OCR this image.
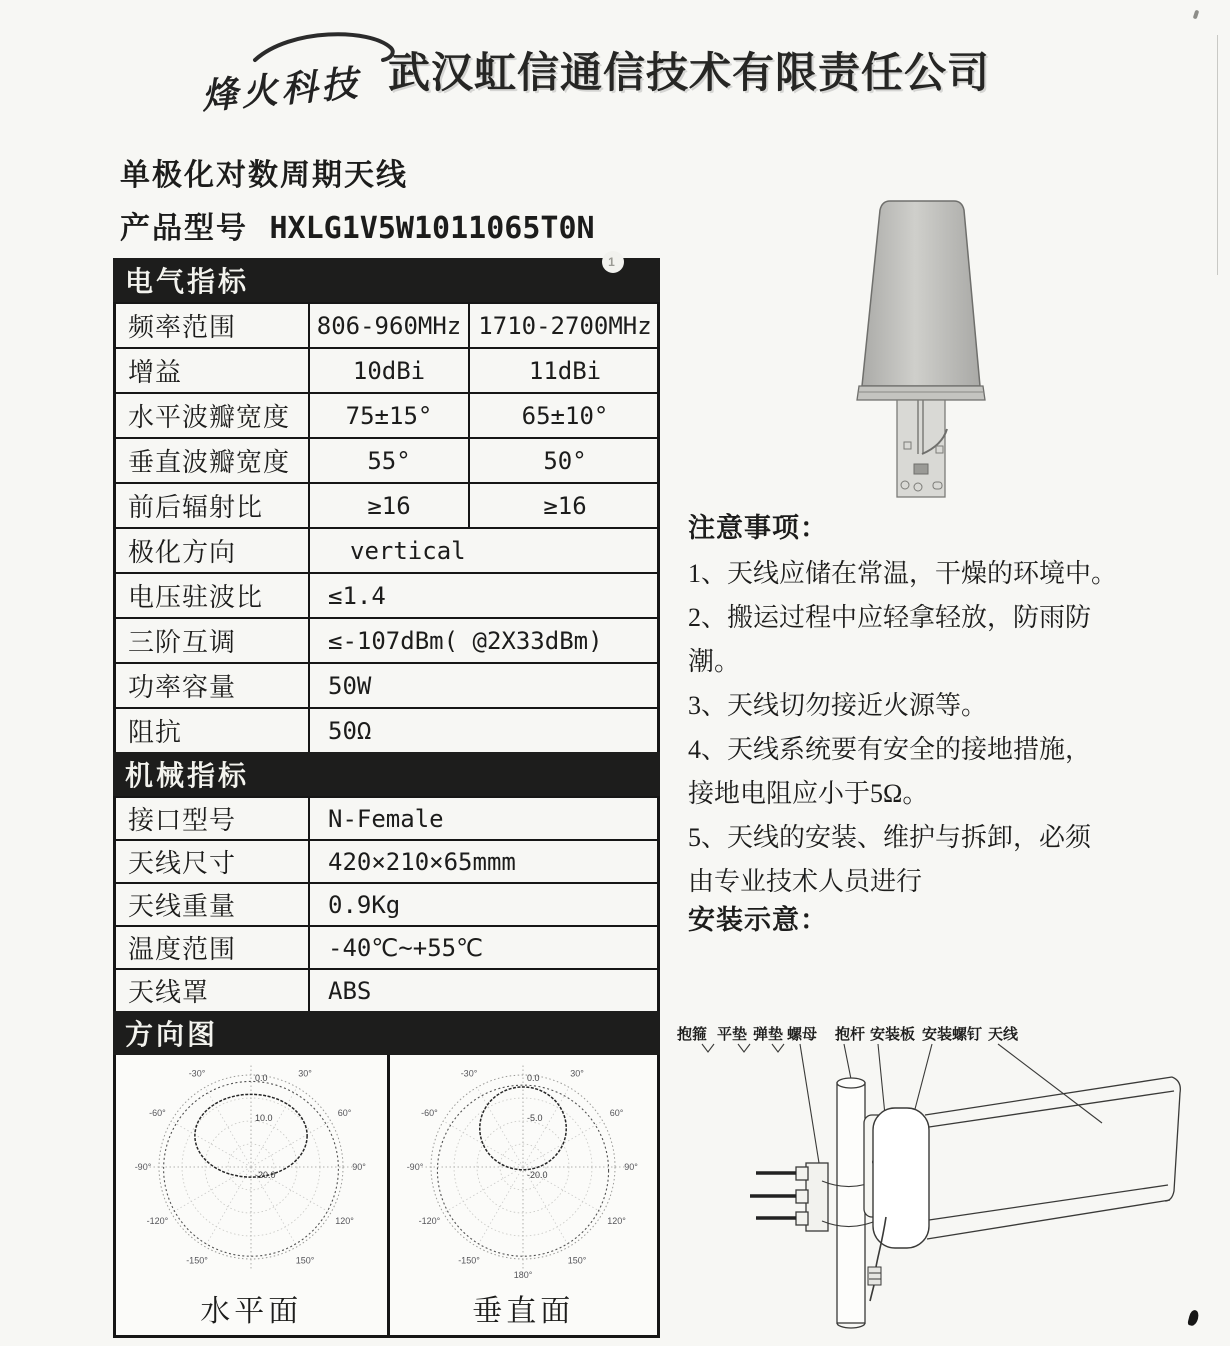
烽火科技 武汉虹信通信技术有限责任公司
单极化对数周期天线
产品型号 HXLG1V5W1011065T0N
电气指标
1
频率范围	806-960MHz 1710-2700MHz
增益	10dBi	11dBi
水平波瓣宽度	75±15°	65±10°
垂直波瓣宽度	55°	50°
前后辐射比	≥16	≥16
极化方向	vertical
电压驻波比	≤1.4
三阶互调	≤-107dBm( @2X33dBm)
功率容量	50W
阻抗	50Ω
机械指标
接口型号	N-Female
天线尺寸	420×210×65mmm
天线重量	0.9Kg
温度范围	-40℃~+55℃
天线罩	ABS
方向图
-30°	30°
-60°	60°
-90°	90°
-120°	120°
-150°	150°
0.0
10.0
-20.0
水平面
-30°	30°
-60°	60°
-90°	90°
-120°	120°
-150°	150°
180°
0.0
-5.0
-20.0
垂直面
注意事项：
1、天线应储在常温，干燥的环境中。
2、搬运过程中应轻拿轻放，防雨防
潮。
3、天线切勿接近火源等。
4、天线系统要有安全的接地措施，
接地电阻应小于5Ω。
5、天线的安装、维护与拆卸，必须
由专业技术人员进行
安装示意：
抱箍 平垫 弹垫 螺母 抱杆 安装板 安装螺钉 天线
